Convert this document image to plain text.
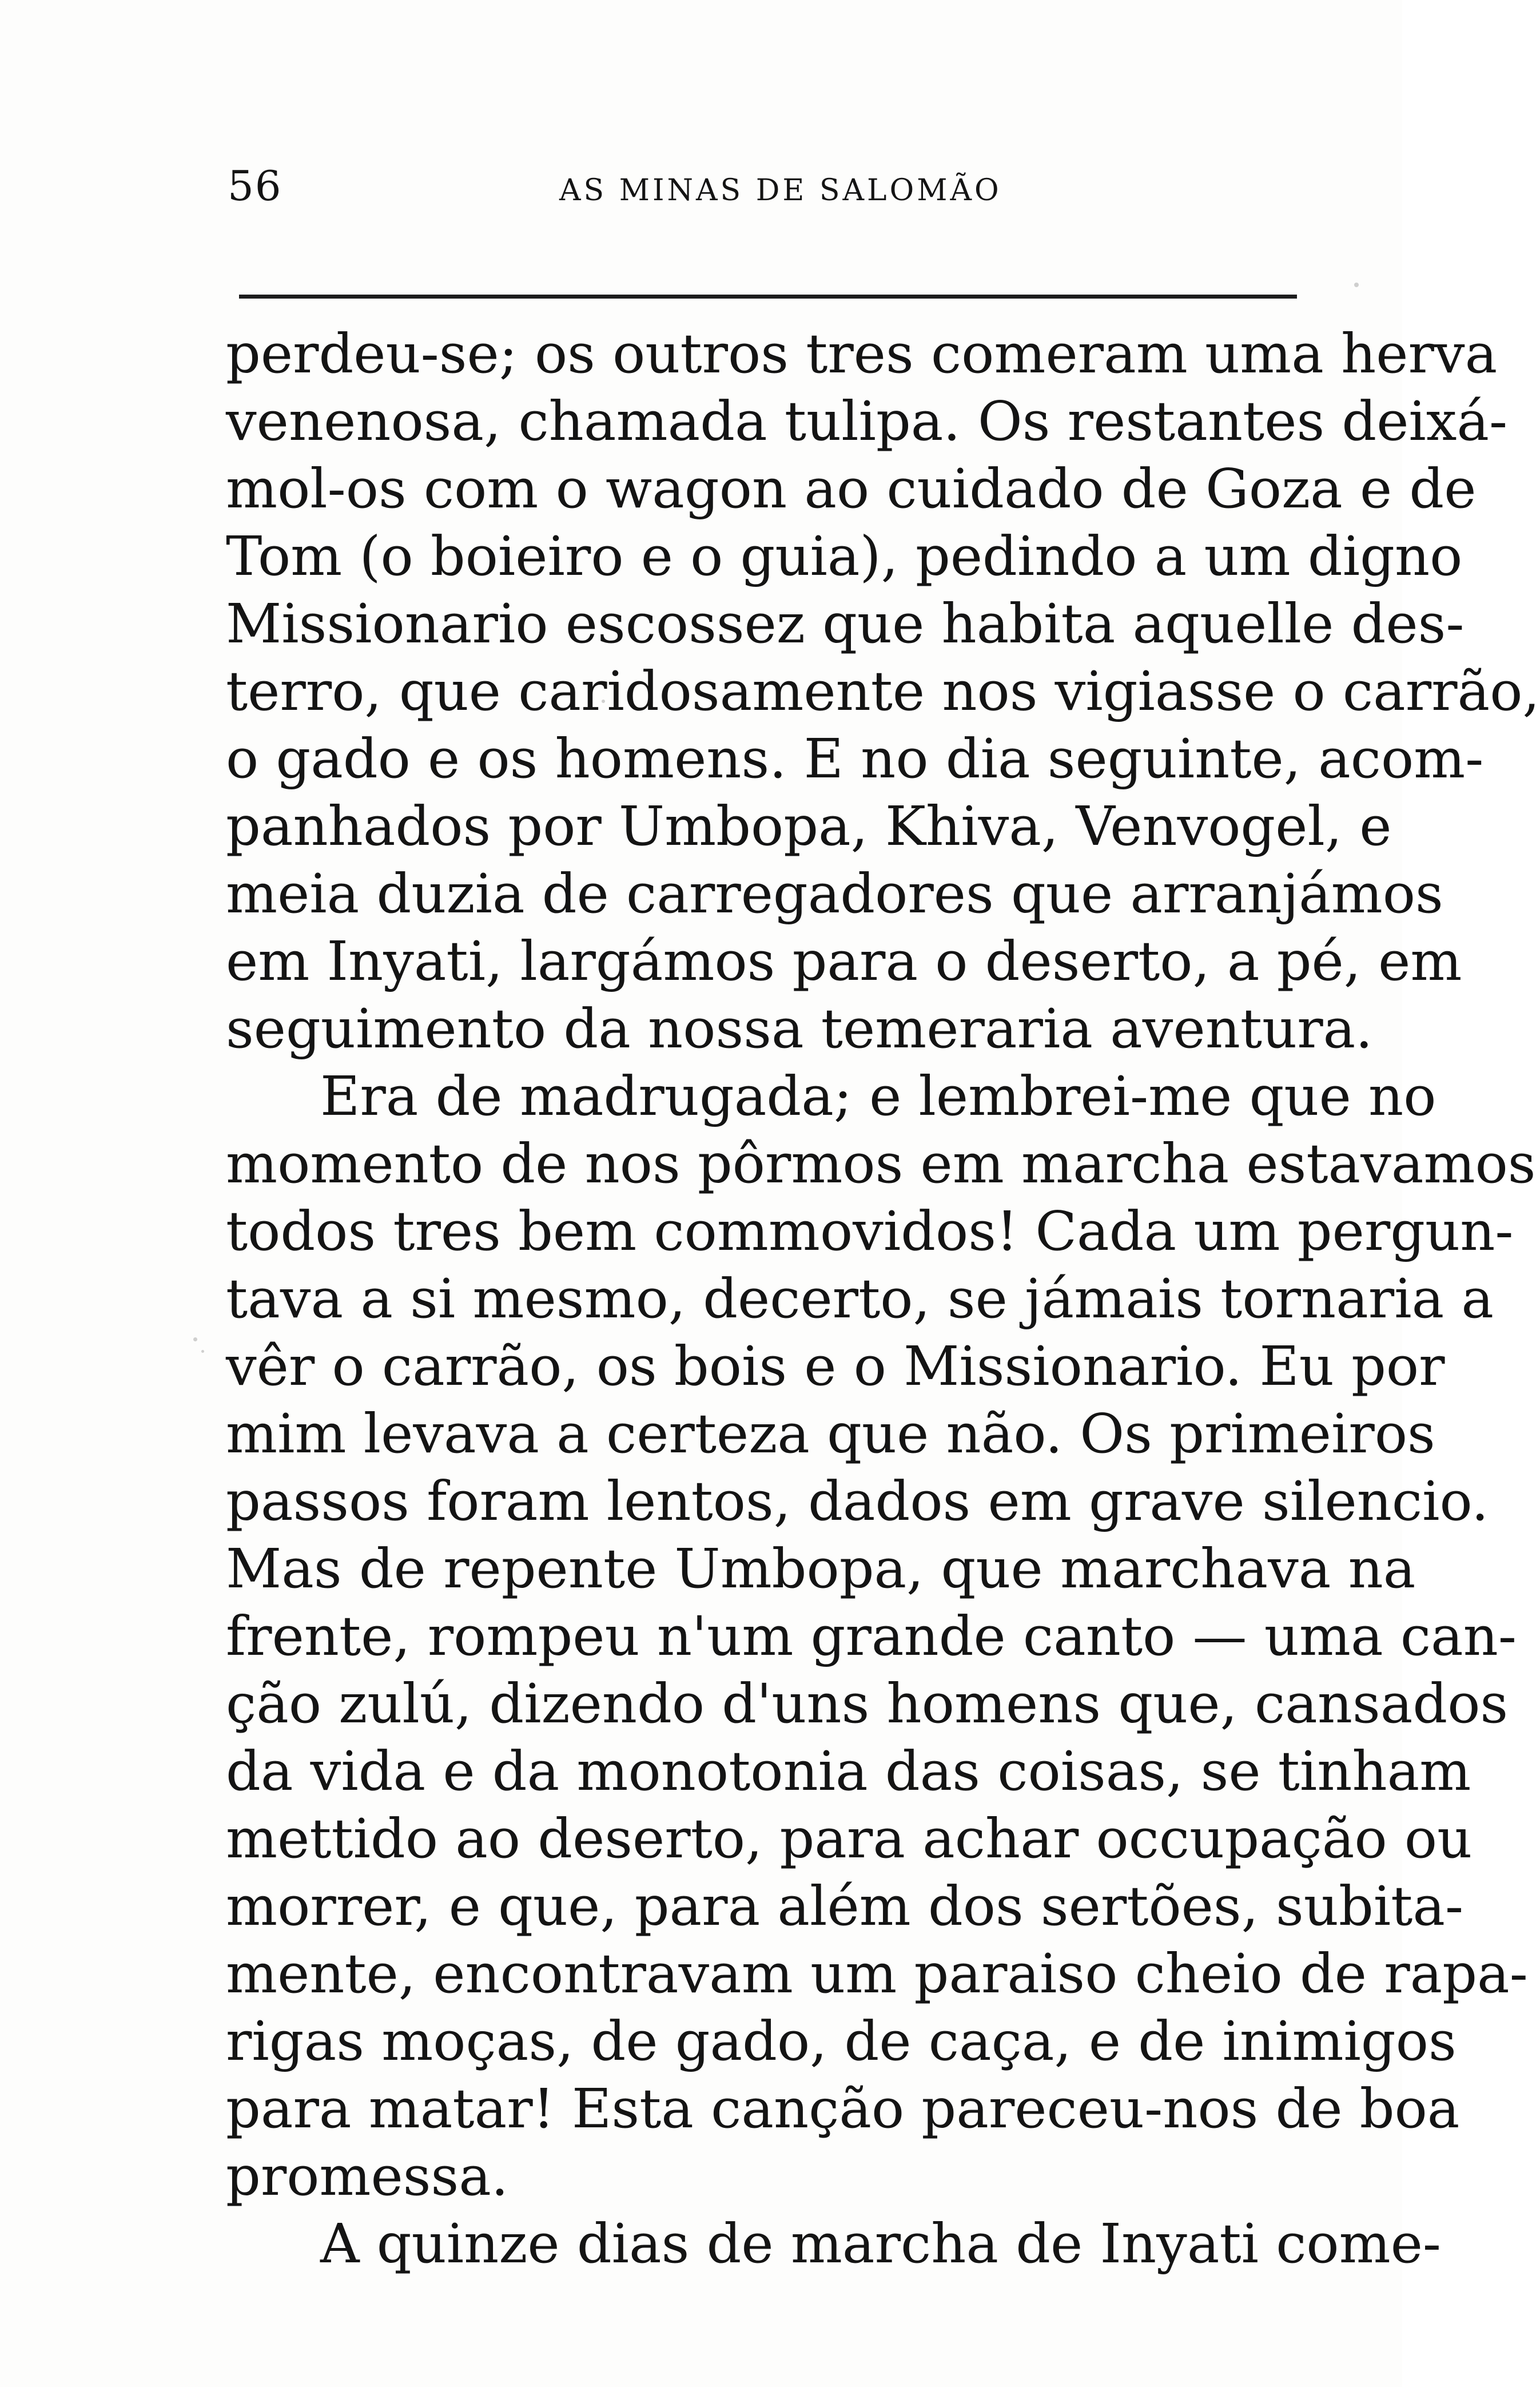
56	AS MINAS DE SALOMÃO
perdeu-se; os outros tres comeram uma herva
venenosa, chamada tulipa. Os restantes deixá-
mol-os com o wagon ao cuidado de Goza e de
Tom (o boieiro e o guia), pedindo a um digno
Missionario escossez que habita aquelle des-
terro, que caridosamente nos vigiasse o carrão,
o gado e os homens. E no dia seguinte, acom-
panhados por Umbopa, Khiva, Venvogel, e
meia duzia de carregadores que arranjámos
em Inyati, largámos para o deserto, a pé, em
seguimento da nossa temeraria aventura.
Era de madrugada; e lembrei-me que no
momento de nos pôrmos em marcha estavamos
todos tres bem commovidos! Cada um pergun-
tava a si mesmo, decerto, se jámais tornaria a
vêr o carrão, os bois e o Missionario. Eu por
mim levava a certeza que não. Os primeiros
passos foram lentos, dados em grave silencio.
Mas de repente Umbopa, que marchava na
frente, rompeu n'um grande canto — uma can-
ção zulú, dizendo d'uns homens que, cansados
da vida e da monotonia das coisas, se tinham
mettido ao deserto, para achar occupação ou
morrer, e que, para além dos sertões, subita-
mente, encontravam um paraiso cheio de rapa-
rigas moças, de gado, de caça, e de inimigos
para matar! Esta canção pareceu-nos de boa
promessa.
A quinze dias de marcha de Inyati come-
